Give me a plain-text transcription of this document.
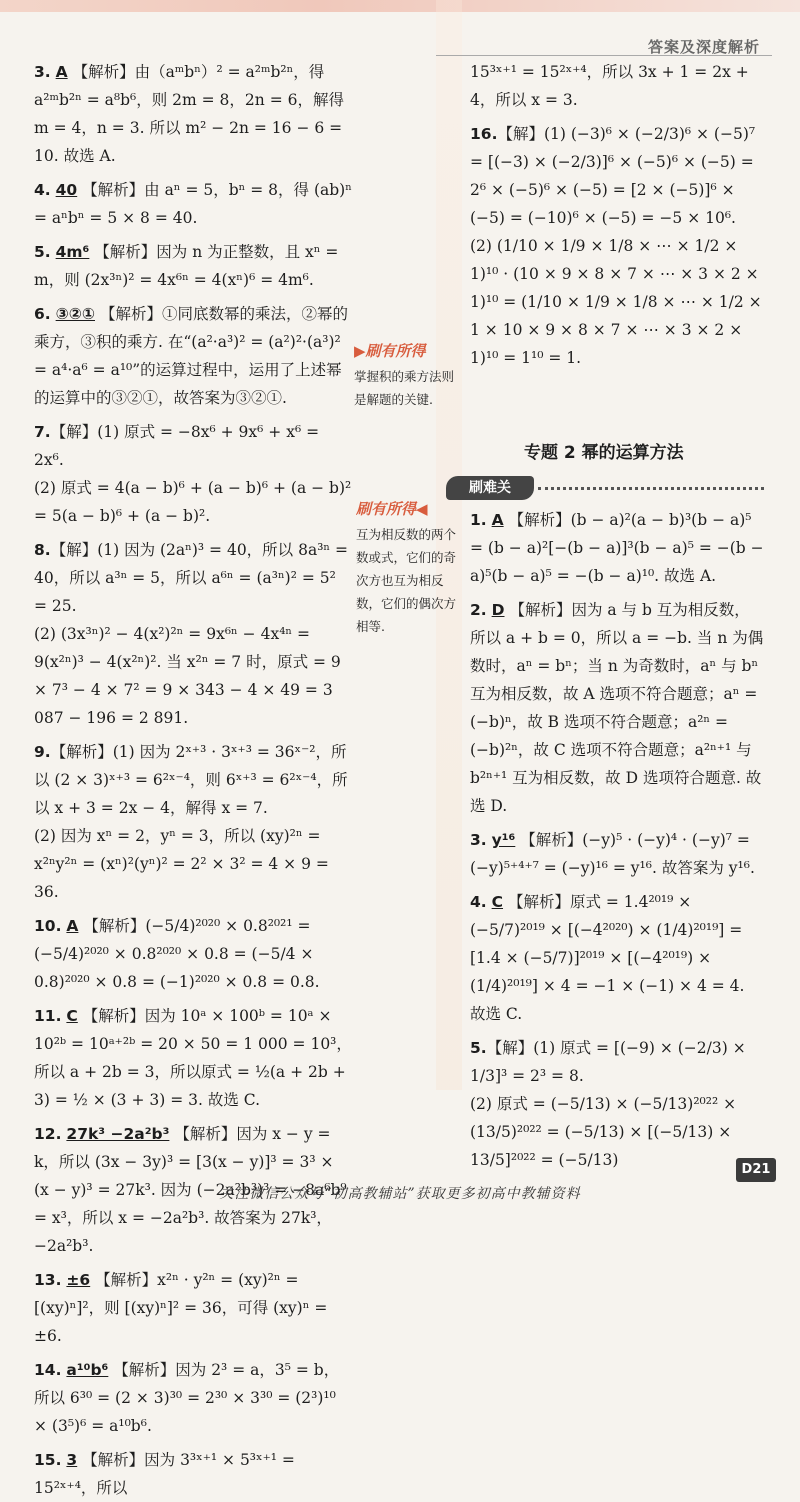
答案及深度解析

3. A 【解析】由（aᵐbⁿ）² = a²ᵐb²ⁿ，得 a²ᵐb²ⁿ = a⁸b⁶，则 2m = 8，2n = 6，解得 m = 4，n = 3. 所以 m² − 2n = 16 − 6 = 10. 故选 A.

4. 40 【解析】由 aⁿ = 5，bⁿ = 8，得 (ab)ⁿ = aⁿbⁿ = 5 × 8 = 40.

5. 4m⁶ 【解析】因为 n 为正整数，且 xⁿ = m，则 (2x³ⁿ)² = 4x⁶ⁿ = 4(xⁿ)⁶ = 4m⁶.

6. ③②① 【解析】①同底数幂的乘法，②幂的乘方，③积的乘方. 在“(a²·a³)² = (a²)²·(a³)² = a⁴·a⁶ = a¹⁰”的运算过程中，运用了上述幂的运算中的③②①，故答案为③②①.

7.【解】(1) 原式 = −8x⁶ + 9x⁶ + x⁶ = 2x⁶.
(2) 原式 = 4(a − b)⁶ + (a − b)⁶ + (a − b)² = 5(a − b)⁶ + (a − b)².

8.【解】(1) 因为 (2aⁿ)³ = 40，所以 8a³ⁿ = 40，所以 a³ⁿ = 5，所以 a⁶ⁿ = (a³ⁿ)² = 5² = 25.
(2) (3x³ⁿ)² − 4(x²)²ⁿ = 9x⁶ⁿ − 4x⁴ⁿ = 9(x²ⁿ)³ − 4(x²ⁿ)². 当 x²ⁿ = 7 时，原式 = 9 × 7³ − 4 × 7² = 9 × 343 − 4 × 49 = 3 087 − 196 = 2 891.

9.【解析】(1) 因为 2ˣ⁺³ · 3ˣ⁺³ = 36ˣ⁻²，所以 (2 × 3)ˣ⁺³ = 6²ˣ⁻⁴，则 6ˣ⁺³ = 6²ˣ⁻⁴，所以 x + 3 = 2x − 4，解得 x = 7.
(2) 因为 xⁿ = 2，yⁿ = 3，所以 (xy)²ⁿ = x²ⁿy²ⁿ = (xⁿ)²(yⁿ)² = 2² × 3² = 4 × 9 = 36.

10. A 【解析】(−5/4)²⁰²⁰ × 0.8²⁰²¹ = (−5/4)²⁰²⁰ × 0.8²⁰²⁰ × 0.8 = (−5/4 × 0.8)²⁰²⁰ × 0.8 = (−1)²⁰²⁰ × 0.8 = 0.8.

11. C 【解析】因为 10ᵃ × 100ᵇ = 10ᵃ × 10²ᵇ = 10ᵃ⁺²ᵇ = 20 × 50 = 1 000 = 10³，所以 a + 2b = 3，所以原式 = ½(a + 2b + 3) = ½ × (3 + 3) = 3. 故选 C.

12. 27k³ −2a²b³ 【解析】因为 x − y = k，所以 (3x − 3y)³ = [3(x − y)]³ = 3³ × (x − y)³ = 27k³. 因为 (−2a²b³)³ = −8a⁶b⁹ = x³，所以 x = −2a²b³. 故答案为 27k³，−2a²b³.

13. ±6 【解析】x²ⁿ · y²ⁿ = (xy)²ⁿ = [(xy)ⁿ]²，则 [(xy)ⁿ]² = 36，可得 (xy)ⁿ = ±6.

14. a¹⁰b⁶ 【解析】因为 2³ = a，3⁵ = b，所以 6³⁰ = (2 × 3)³⁰ = 2³⁰ × 3³⁰ = (2³)¹⁰ × (3⁵)⁶ = a¹⁰b⁶.

15. 3 【解析】因为 3³ˣ⁺¹ × 5³ˣ⁺¹ = 15²ˣ⁺⁴，所以

▶刷有所得

掌握积的乘方法则是解题的关键.

刷有所得◀

互为相反数的两个数或式，它们的奇次方也互为相反数，它们的偶次方相等.

15³ˣ⁺¹ = 15²ˣ⁺⁴，所以 3x + 1 = 2x + 4，所以 x = 3.

16.【解】(1) (−3)⁶ × (−2/3)⁶ × (−5)⁷ = [(−3) × (−2/3)]⁶ × (−5)⁶ × (−5) = 2⁶ × (−5)⁶ × (−5) = [2 × (−5)]⁶ × (−5) = (−10)⁶ × (−5) = −5 × 10⁶.
(2) (1/10 × 1/9 × 1/8 × ⋯ × 1/2 × 1)¹⁰ · (10 × 9 × 8 × 7 × ⋯ × 3 × 2 × 1)¹⁰ = (1/10 × 1/9 × 1/8 × ⋯ × 1/2 × 1 × 10 × 9 × 8 × 7 × ⋯ × 3 × 2 × 1)¹⁰ = 1¹⁰ = 1.

专题 2 幂的运算方法
刷难关

1. A 【解析】(b − a)²(a − b)³(b − a)⁵ = (b − a)²[−(b − a)]³(b − a)⁵ = −(b − a)⁵(b − a)⁵ = −(b − a)¹⁰. 故选 A.

2. D 【解析】因为 a 与 b 互为相反数，所以 a + b = 0，所以 a = −b. 当 n 为偶数时，aⁿ = bⁿ；当 n 为奇数时，aⁿ 与 bⁿ 互为相反数，故 A 选项不符合题意；aⁿ = (−b)ⁿ，故 B 选项不符合题意；a²ⁿ = (−b)²ⁿ，故 C 选项不符合题意；a²ⁿ⁺¹ 与 b²ⁿ⁺¹ 互为相反数，故 D 选项符合题意. 故选 D.

3. y¹⁶ 【解析】(−y)⁵ · (−y)⁴ · (−y)⁷ = (−y)⁵⁺⁴⁺⁷ = (−y)¹⁶ = y¹⁶. 故答案为 y¹⁶.

4. C 【解析】原式 = 1.4²⁰¹⁹ × (−5/7)²⁰¹⁹ × [(−4²⁰²⁰) × (1/4)²⁰¹⁹] = [1.4 × (−5/7)]²⁰¹⁹ × [(−4²⁰¹⁹) × (1/4)²⁰¹⁹] × 4 = −1 × (−1) × 4 = 4. 故选 C.

5.【解】(1) 原式 = [(−9) × (−2/3) × 1/3]³ = 2³ = 8.
(2) 原式 = (−5/13) × (−5/13)²⁰²² × (13/5)²⁰²² = (−5/13) × [(−5/13) × 13/5]²⁰²² = (−5/13)

D21
关注微信公众号“初高教辅站”获取更多初高中教辅资料
